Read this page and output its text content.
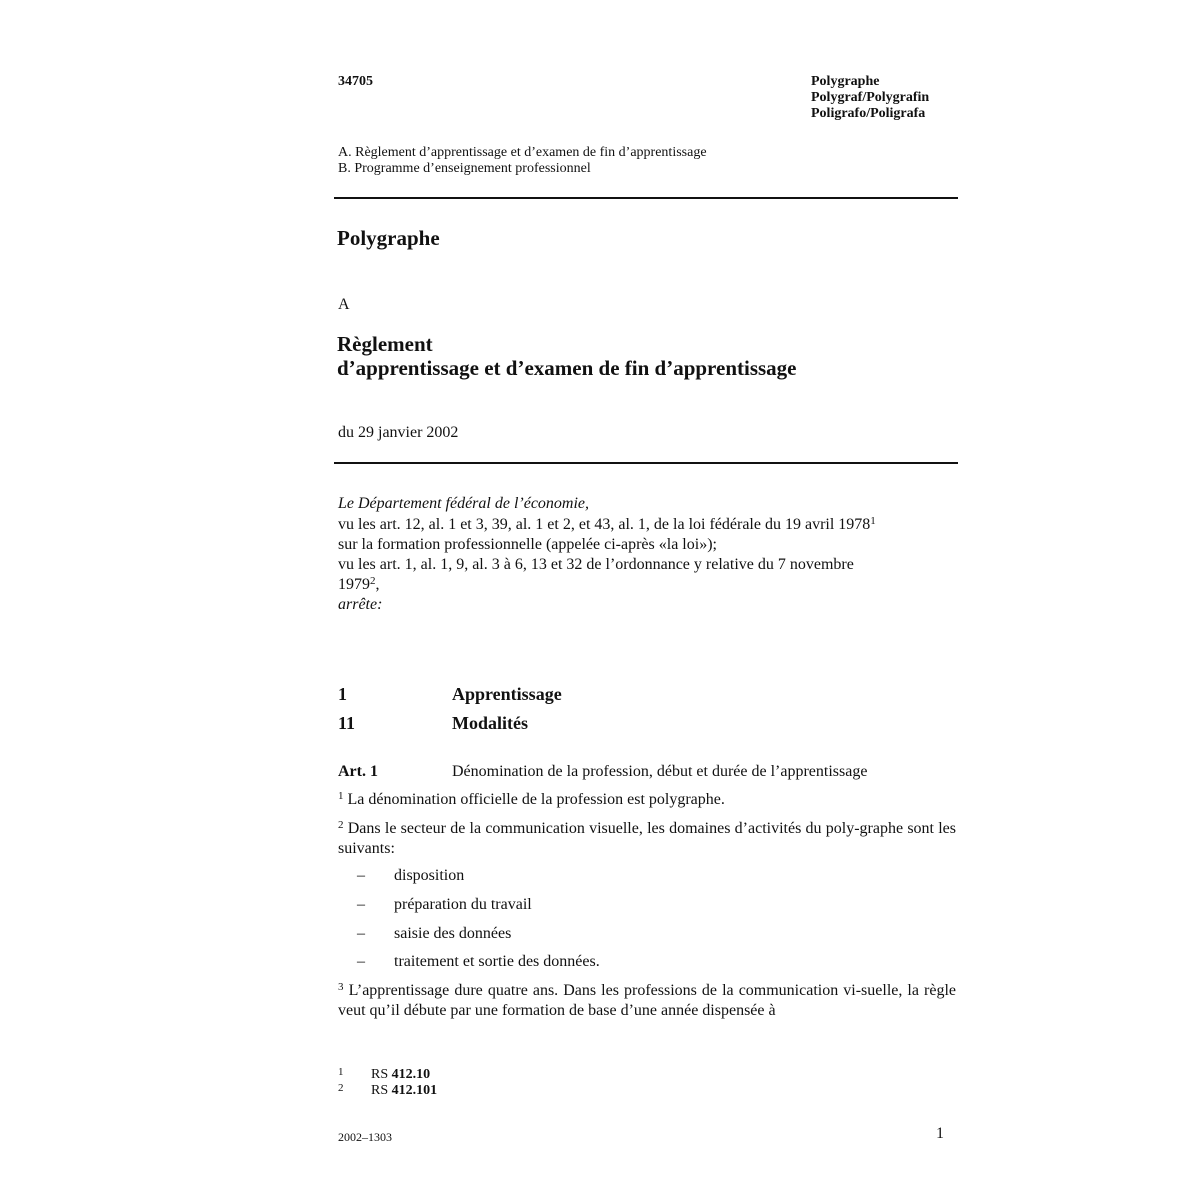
34705	Polygraphe
Polygraf/Polygrafin
Poligrafo/Poligrafa
A. Règlement d’apprentissage et d’examen de fin d’apprentissage
B. Programme d’enseignement professionnel
Polygraphe
A
Règlement
d’apprentissage et d’examen de fin d’apprentissage
du 29 janvier 2002
Le Département fédéral de l’économie,
vu les art. 12, al. 1 et 3, 39, al. 1 et 2, et 43, al. 1, de la loi fédérale du 19 avril 1978$^1$
sur la formation professionnelle (appelée ci-après «la loi»);
vu les art. 1, al. 1, 9, al. 3 à 6, 13 et 32 de l’ordonnance y relative du 7 novembre
1979$^2$,
arrête:
1	Apprentissage
11	Modalités
Art. 1	Dénomination de la profession, début et durée de l’apprentissage
$^1$ La dénomination officielle de la profession est polygraphe.
$^2$ Dans le secteur de la communication visuelle, les domaines d’activités du poly-graphe sont les suivants:
– disposition
– préparation du travail
– saisie des données
– traitement et sortie des données.
$^3$ L’apprentissage dure quatre ans. Dans les professions de la communication vi-suelle, la règle veut qu’il débute par une formation de base d’une année dispensée à
1 RS 412.10
2 RS 412.101
2002–1303	1
